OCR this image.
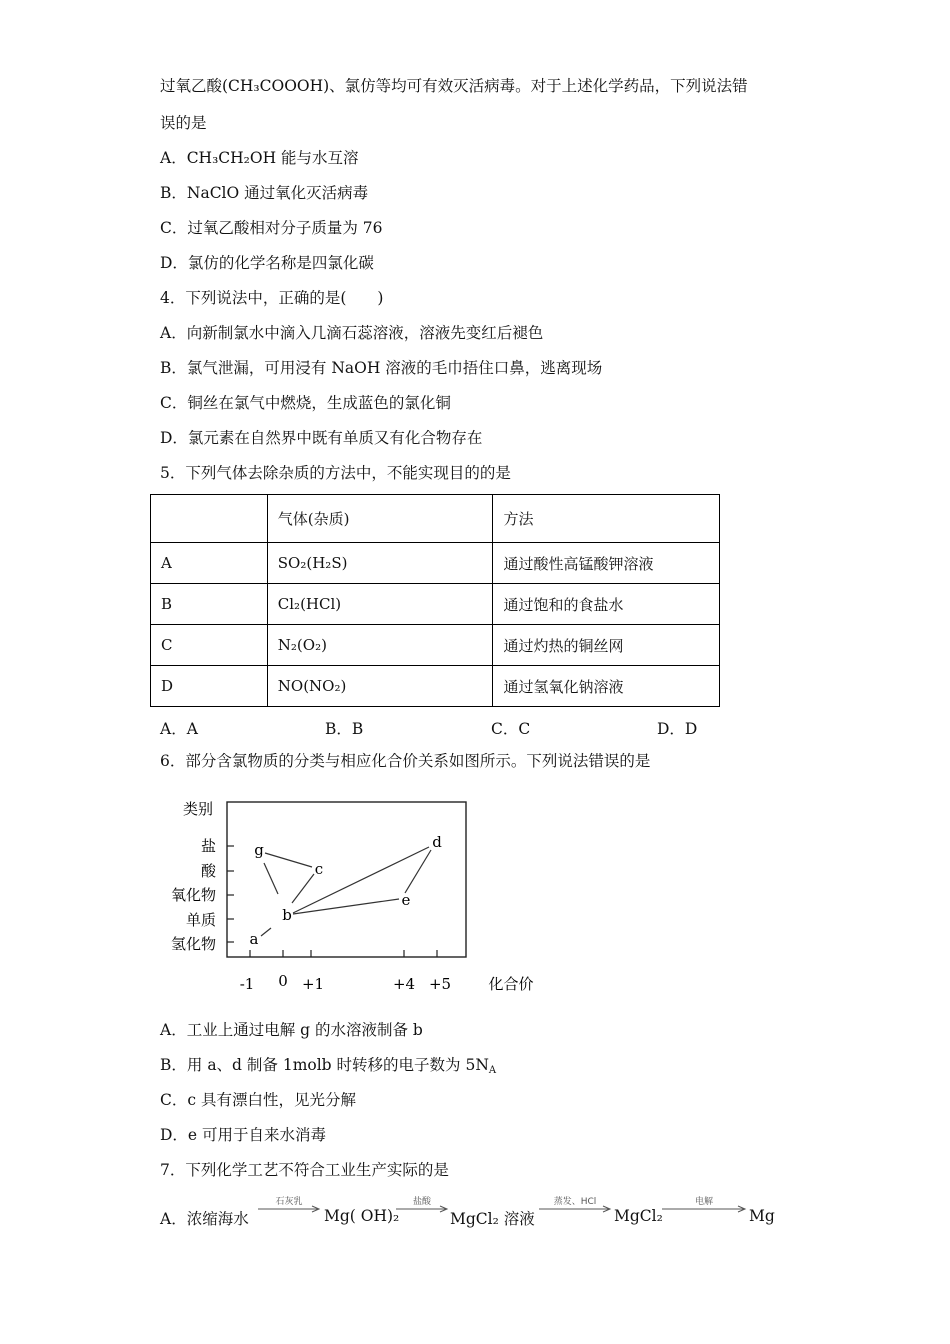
过氧乙酸(CH₃COOOH)、氯仿等均可有效灭活病毒。对于上述化学药品，下列说法错
误的是
A．CH₃CH₂OH 能与水互溶
B．NaClO 通过氧化灭活病毒
C．过氧乙酸相对分子质量为 76
D．氯仿的化学名称是四氯化碳
4．下列说法中，正确的是(　　)
A．向新制氯水中滴入几滴石蕊溶液，溶液先变红后褪色
B．氯气泄漏，可用浸有 NaOH 溶液的毛巾捂住口鼻，逃离现场
C．铜丝在氯气中燃烧，生成蓝色的氯化铜
D．氯元素在自然界中既有单质又有化合物存在
5．下列气体去除杂质的方法中，不能实现目的的是
	气体(杂质)	方法
A	SO₂(H₂S)	通过酸性高锰酸钾溶液
B	Cl₂(HCl)	通过饱和的食盐水
C	N₂(O₂)	通过灼热的铜丝网
D	NO(NO₂)	通过氢氧化钠溶液
A．A	B．B	C．C	D．D
6．部分含氯物质的分类与相应化合价关系如图所示。下列说法错误的是
类别
盐
酸
氧化物
单质
氢化物
-1 0 +1	+4 +5 化合价
g
c
d
e
b
a
A．工业上通过电解 g 的水溶液制备 b
B．用 a、d 制备 1molb 时转移的电子数为 $5N_A$
C．c 具有漂白性，见光分解
D．e 可用于自来水消毒
7．下列化学工艺不符合工业生产实际的是
A．浓缩海水
石灰乳
Mg( OH)₂
盐酸
MgCl₂ 溶液
蒸发、HCl
MgCl₂
电解
Mg
